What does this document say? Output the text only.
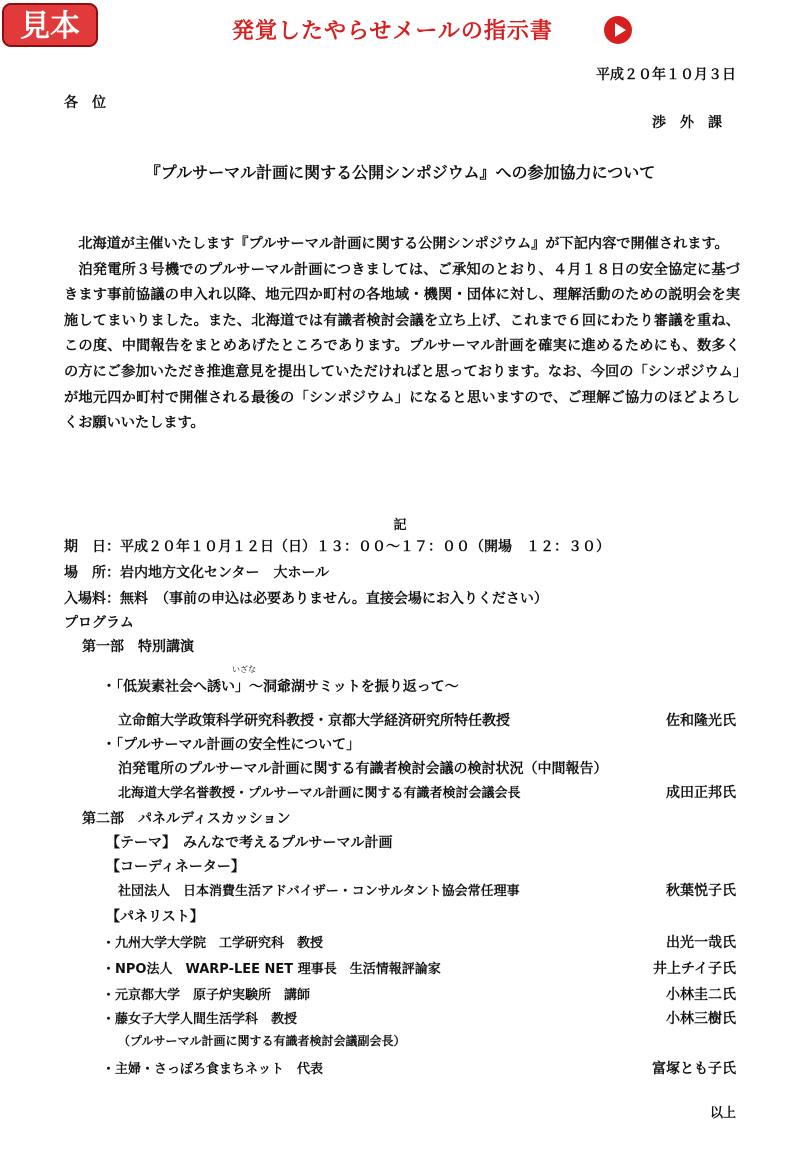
見本	発覚したやらせメールの指示書
平成２０年１０月３日
各位
渉外課
『プルサーマル計画に関する公開シンポジウム』への参加協力について

　北海道が主催いたします『プルサーマル計画に関する公開シンポジウム』が下記内容で開催されます。

　泊発電所３号機でのプルサーマル計画につきましては、ご承知のとおり、４月１８日の安全協定に基づきます事前協議の申入れ以降、地元四か町村の各地域・機関・団体に対し、理解活動のための説明会を実施してまいりました。また、北海道では有識者検討会議を立ち上げ、これまで６回にわたり審議を重ね、この度、中間報告をまとめあげたところであります。プルサーマル計画を確実に進めるためにも、数多くの方にご参加いただき推進意見を提出していただければと思っております。なお、今回の「シンポジウム」が地元四か町村で開催される最後の「シンポジウム」になると思いますので、ご理解ご協力のほどよろしくお願いいたします。

記
期　日：平成２０年１０月１２日（日）１３：００～１７：００（開場　１２：３０）
場　所：岩内地方文化センター　大ホール
入場料：無料　（事前の申込は必要ありません。直接会場にお入りください）
プログラム
第一部　特別講演
いざな
・「低炭素社会へ誘い」～洞爺湖サミットを振り返って～
立命館大学政策科学研究科教授・京都大学経済研究所特任教授	佐和隆光氏
・「プルサーマル計画の安全性について」
泊発電所のプルサーマル計画に関する有識者検討会議の検討状況（中間報告）
北海道大学名誉教授・プルサーマル計画に関する有識者検討会議会長	成田正邦氏
第二部　パネルディスカッション
【テーマ】　みんなで考えるプルサーマル計画
【コーディネーター】
社団法人　日本消費生活アドバイザー・コンサルタント協会常任理事	秋葉悦子氏
【パネリスト】
・九州大学大学院　工学研究科　教授	出光一哉氏
・NPO法人　WARP-LEE NET 理事長　生活情報評論家	井上チイ子氏
・元京都大学　原子炉実験所　講師	小林圭二氏
・藤女子大学人間生活学科　教授	小林三樹氏
（プルサーマル計画に関する有識者検討会議副会長）
・主婦・さっぽろ食まちネット　代表	富塚とも子氏
以上
